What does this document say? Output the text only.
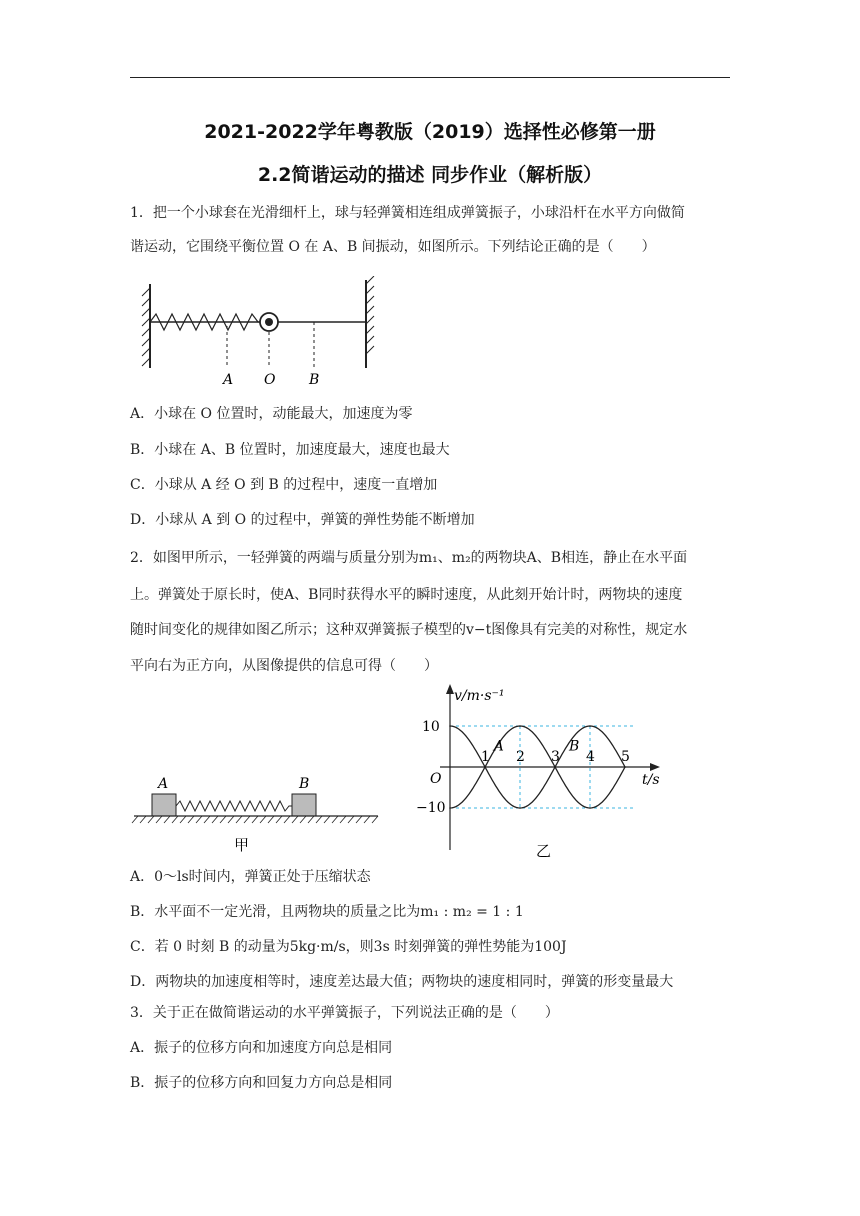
2021-2022学年粤教版（2019）选择性必修第一册
2.2简谐运动的描述 同步作业（解析版）
1．把一个小球套在光滑细杆上，球与轻弹簧相连组成弹簧振子，小球沿杆在水平方向做简
谐运动，它围绕平衡位置 O 在 A、B 间振动，如图所示。下列结论正确的是（　　）
A O B
A．小球在 O 位置时，动能最大，加速度为零
B．小球在 A、B 位置时，加速度最大，速度也最大
C．小球从 A 经 O 到 B 的过程中，速度一直增加
D．小球从 A 到 O 的过程中，弹簧的弹性势能不断增加
2．如图甲所示，一轻弹簧的两端与质量分别为m₁、m₂的两物块A、B相连，静止在水平面
上。弹簧处于原长时，使A、B同时获得水平的瞬时速度，从此刻开始计时，两物块的速度
随时间变化的规律如图乙所示；这种双弹簧振子模型的v−t图像具有完美的对称性，规定水
平向右为正方向，从图像提供的信息可得（　　）
A	B
甲
v/m·s⁻¹
t/s
O
10
−10
乙
1 2 3 4 5
A	B
A．0～ls时间内，弹簧正处于压缩状态
B．水平面不一定光滑，且两物块的质量之比为m₁ : m₂ = 1 : 1
C．若 0 时刻 B 的动量为5kg·m/s，则3s 时刻弹簧的弹性势能为100J
D．两物块的加速度相等时，速度差达最大值；两物块的速度相同时，弹簧的形变量最大
3．关于正在做简谐运动的水平弹簧振子，下列说法正确的是（　　）
A．振子的位移方向和加速度方向总是相同
B．振子的位移方向和回复力方向总是相同
